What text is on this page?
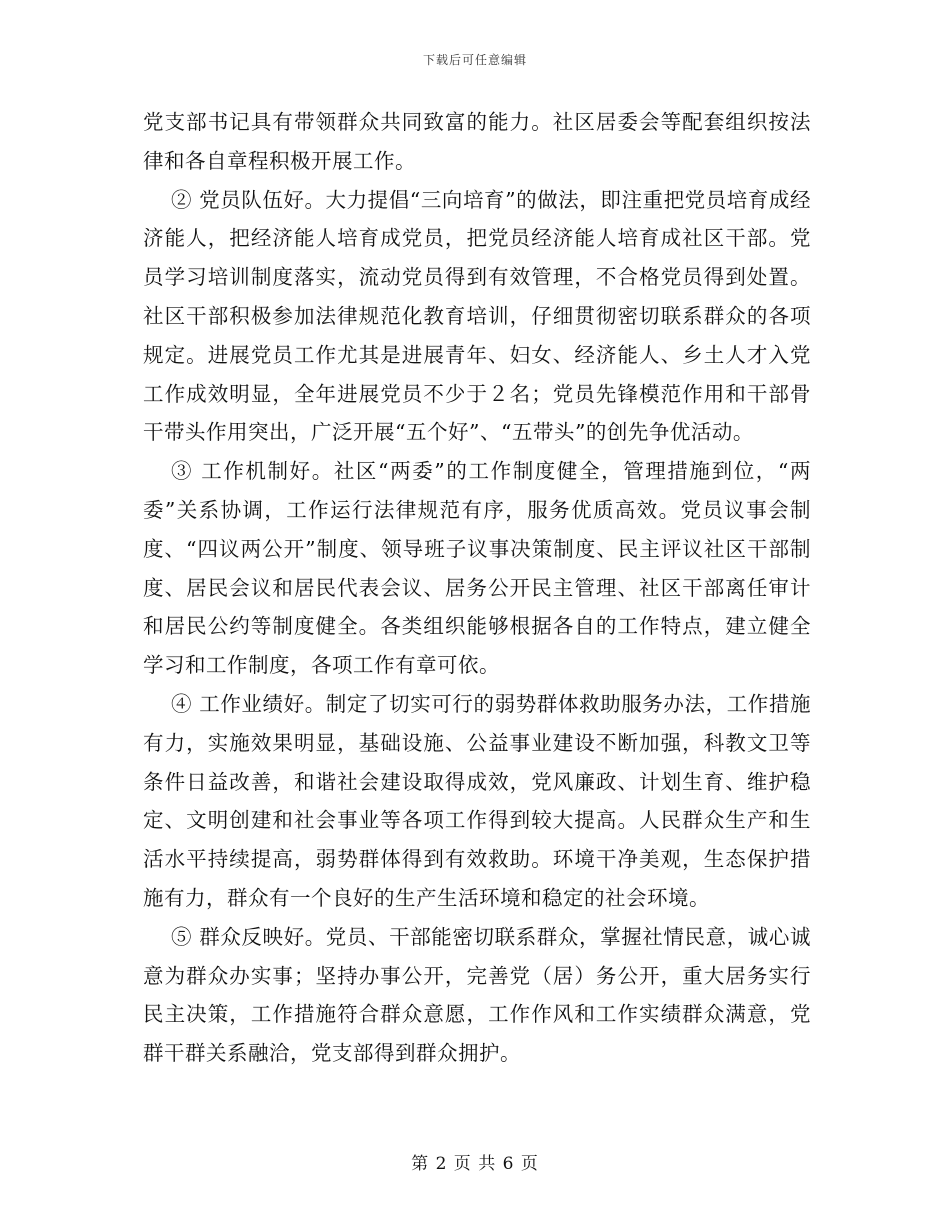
下载后可任意编辑

党支部书记具有带领群众共同致富的能力。社区居委会等配套组织按法律和各自章程积极开展工作。

② 党员队伍好。大力提倡“三向培育”的做法，即注重把党员培育成经济能人，把经济能人培育成党员，把党员经济能人培育成社区干部。党员学习培训制度落实，流动党员得到有效管理，不合格党员得到处置。社区干部积极参加法律规范化教育培训，仔细贯彻密切联系群众的各项规定。进展党员工作尤其是进展青年、妇女、经济能人、乡土人才入党工作成效明显，全年进展党员不少于２名；党员先锋模范作用和干部骨干带头作用突出，广泛开展“五个好”、“五带头”的创先争优活动。

③ 工作机制好。社区“两委”的工作制度健全，管理措施到位，“两委”关系协调，工作运行法律规范有序，服务优质高效。党员议事会制度、“四议两公开”制度、领导班子议事决策制度、民主评议社区干部制度、居民会议和居民代表会议、居务公开民主管理、社区干部离任审计和居民公约等制度健全。各类组织能够根据各自的工作特点，建立健全学习和工作制度，各项工作有章可依。

④ 工作业绩好。制定了切实可行的弱势群体救助服务办法，工作措施有力，实施效果明显，基础设施、公益事业建设不断加强，科教文卫等条件日益改善，和谐社会建设取得成效，党风廉政、计划生育、维护稳定、文明创建和社会事业等各项工作得到较大提高。人民群众生产和生活水平持续提高，弱势群体得到有效救助。环境干净美观，生态保护措施有力，群众有一个良好的生产生活环境和稳定的社会环境。

⑤ 群众反映好。党员、干部能密切联系群众，掌握社情民意，诚心诚意为群众办实事；坚持办事公开，完善党（居）务公开，重大居务实行民主决策，工作措施符合群众意愿，工作作风和工作实绩群众满意，党群干群关系融洽，党支部得到群众拥护。

第 2 页 共 6 页
